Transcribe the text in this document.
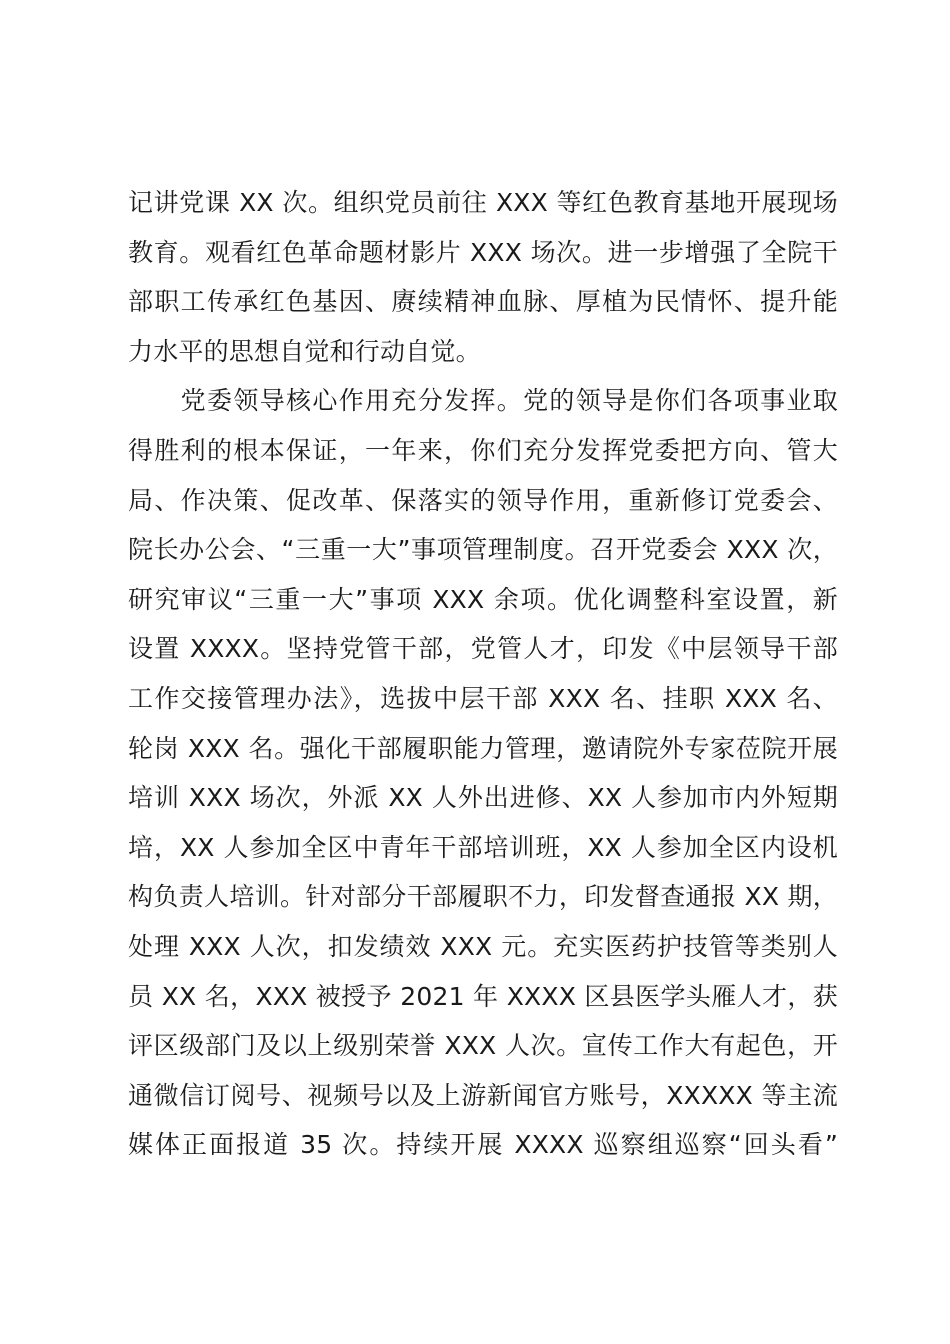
记讲党课 XX 次。组织党员前往 XXX 等红色教育基地开展现场
教育。观看红色革命题材影片 XXX 场次。进一步增强了全院干
部职工传承红色基因、赓续精神血脉、厚植为民情怀、提升能
力水平的思想自觉和行动自觉。
　　党委领导核心作用充分发挥。党的领导是你们各项事业取
得胜利的根本保证，一年来，你们充分发挥党委把方向、管大
局、作决策、促改革、保落实的领导作用，重新修订党委会、
院长办公会、“三重一大”事项管理制度。召开党委会 XXX 次，
研究审议“三重一大”事项 XXX 余项。优化调整科室设置，新
设置 XXXX。坚持党管干部，党管人才，印发《中层领导干部
工作交接管理办法》，选拔中层干部 XXX 名、挂职 XXX 名、
轮岗 XXX 名。强化干部履职能力管理，邀请院外专家莅院开展
培训 XXX 场次，外派 XX 人外出进修、XX 人参加市内外短期
培，XX 人参加全区中青年干部培训班，XX 人参加全区内设机
构负责人培训。针对部分干部履职不力，印发督查通报 XX 期，
处理 XXX 人次，扣发绩效 XXX 元。充实医药护技管等类别人
员 XX 名，XXX 被授予 2021 年 XXXX 区县医学头雁人才，获
评区级部门及以上级别荣誉 XXX 人次。宣传工作大有起色，开
通微信订阅号、视频号以及上游新闻官方账号，XXXXX 等主流
媒体正面报道 35 次。持续开展 XXXX 巡察组巡察“回头看”
